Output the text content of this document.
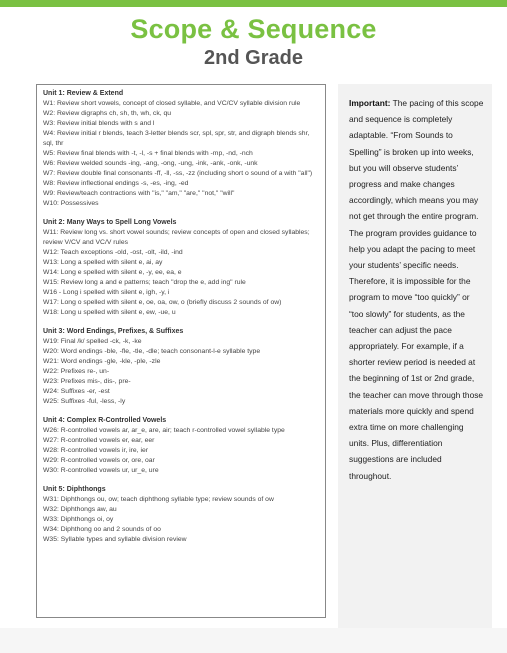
Scope & Sequence
2nd Grade
Unit 1: Review & Extend
W1: Review short vowels, concept of closed syllable, and VC/CV syllable division rule
W2: Review digraphs ch, sh, th, wh, ck, qu
W3: Review initial blends with s and l
W4: Review initial r blends, teach 3-letter blends scr, spl, spr, str, and digraph blends shr, sql, thr
W5: Review final blends with -t, -l, -s + final blends with -mp, -nd, -nch
W6: Review welded sounds -ing, -ang, -ong, -ung, -ink, -ank, -onk, -unk
W7: Review double final consonants -ff, -ll, -ss, -zz (including short o sound of a with "all")
W8: Review inflectional endings -s, -es, -ing, -ed
W9: Review/teach contractions with "is," "am," "are," "not," "will"
W10: Possessives
Unit 2: Many Ways to Spell Long Vowels
W11: Review long vs. short vowel sounds; review concepts of open and closed syllables; review V/CV and VC/V rules
W12: Teach exceptions -old, -ost, -olt, -ild, -ind
W13: Long a spelled with silent e, ai, ay
W14: Long e spelled with silent e, -y, ee, ea, e
W15: Review long a and e patterns; teach "drop the e, add ing" rule
W16 - Long i spelled with silent e, igh, -y, i
W17: Long o spelled with silent e, oe, oa, ow, o (briefly discuss 2 sounds of ow)
W18: Long u spelled with silent e, ew, -ue, u
Unit 3: Word Endings, Prefixes, & Suffixes
W19: Final /k/ spelled -ck, -k, -ke
W20: Word endings -ble, -fle, -tle, -dle; teach consonant-l-e syllable type
W21: Word endings -gle, -kle, -ple, -zle
W22: Prefixes re-, un-
W23: Prefixes mis-, dis-, pre-
W24: Suffixes -er, -est
W25: Suffixes -ful, -less, -ly
Unit 4: Complex R-Controlled Vowels
W26: R-controlled vowels ar, ar_e, are, air; teach r-controlled vowel syllable type
W27: R-controlled vowels er, ear, eer
W28: R-controlled vowels ir, ire, ier
W29: R-controlled vowels or, ore, oar
W30: R-controlled vowels ur, ur_e, ure
Unit 5: Diphthongs
W31: Diphthongs ou, ow; teach diphthong syllable type; review sounds of ow
W32: Diphthongs aw, au
W33: Diphthongs oi, oy
W34: Diphthong oo and 2 sounds of oo
W35: Syllable types and syllable division review
Important: The pacing of this scope and sequence is completely adaptable. “From Sounds to Spelling” is broken up into weeks, but you will observe students’ progress and make changes accordingly, which means you may not get through the entire program. The program provides guidance to help you adapt the pacing to meet your students’ specific needs. Therefore, it is impossible for the program to move “too quickly” or “too slowly” for students, as the teacher can adjust the pace appropriately. For example, if a shorter review period is needed at the beginning of 1st or 2nd grade, the teacher can move through those materials more quickly and spend extra time on more challenging units. Plus, differentiation suggestions are included throughout.
